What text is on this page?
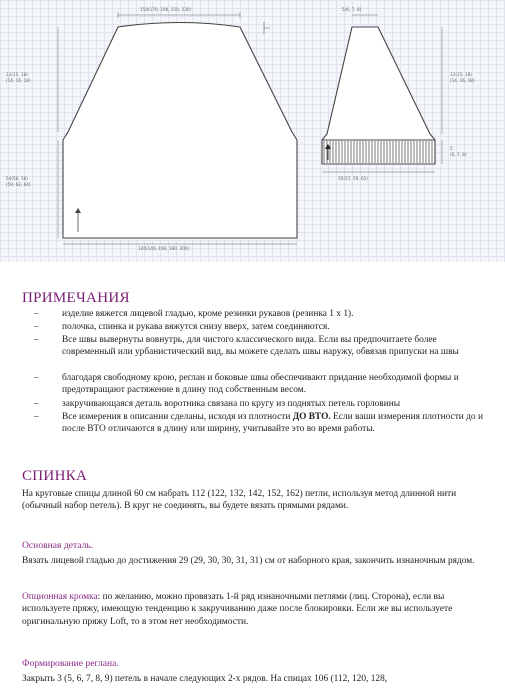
150(170, 190, 210, 230)
12(15, 18)
(14, 16, 18)
54(56, 58)
(59, 62, 64)
120(140, 160, 180, 200)
5(6, 7, 8)
12(15, 18)
(14, 16, 18)
5
(6, 7, 8)
55(57, 59, 61)
ПРИМЕЧАНИЯ
– изделие вяжется лицевой гладью, кроме резинки рукавов (резинка 1 х 1).
– полочка, спинка и рукава вяжутся снизу вверх, затем соединяются.
– Все швы вывернуты вовнутрь, для чистого классического вида. Если вы предпочитаете более современный или урбанистический вид, вы можете сделать швы наружу, обвязав припуски на швы
– благодаря свободному крою, реглан и боковые швы обеспечивают придание необходимой формы и предотвращают растяжение в длину под собственным весом.
– закручивающаяся деталь воротника связана по кругу из поднятых петель горловины
– Все измерения в описании сделаны, исходя из плотности ДО ВТО. Если ваши измерения плотности до и после ВТО отличаются в длину или ширину, учитывайте это во время работы.
СПИНКА
На круговые спицы длиной 60 см набрать 112 (122, 132, 142, 152, 162) петли, используя метод длинной нити (обычный набор петель). В круг не соединять, вы будете вязать прямыми рядами.
Основная деталь.
Вязать лицевой гладью до достижения 29 (29, 30, 30, 31, 31) см от наборного края, закончить изнаночным рядом.
Опционная кромка: по желанию, можно провязать 1-й ряд изнаночными петлями (лиц. Сторона), если вы используете пряжу, имеющую тенденцию к закручиванию даже после блокировки. Если же вы используете оригинальную пряжу Loft, то в этом нет необходимости.
Формирование реглана.
Закрыть 3 (5, 6, 7, 8, 9) петель в начале следующих 2-х рядов. На спицах 106 (112, 120, 128,
